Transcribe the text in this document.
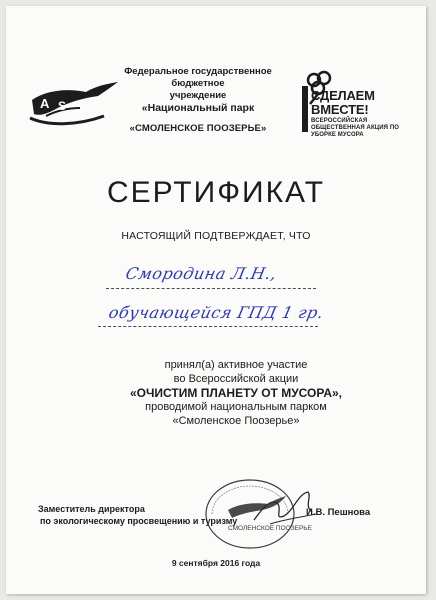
A S
Федеральное государственное бюджетное
учреждение
«Национальный парк
«СМОЛЕНСКОЕ ПООЗЕРЬЕ»
СДЕЛАЕМ
ВМЕСТЕ!
ВСЕРОССИЙСКАЯ ОБЩЕСТВЕННАЯ АКЦИЯ ПО УБОРКЕ МУСОРА
СЕРТИФИКАТ
НАСТОЯЩИЙ ПОДТВЕРЖДАЕТ, ЧТО
Смородина Л.Н.,
обучающейся ГПД 1 гр.
принял(а) активное участие
во Всероссийской акции
«ОЧИСТИМ ПЛАНЕТУ ОТ МУСОРА»,
проводимой национальным парком
«Смоленское Поозерье»
СМОЛЕНСКОЕ ПООЗЕРЬЕ
Заместитель директора
по экологическому просвещению и туризму
И.В. Пешнова
9 сентября 2016 года
